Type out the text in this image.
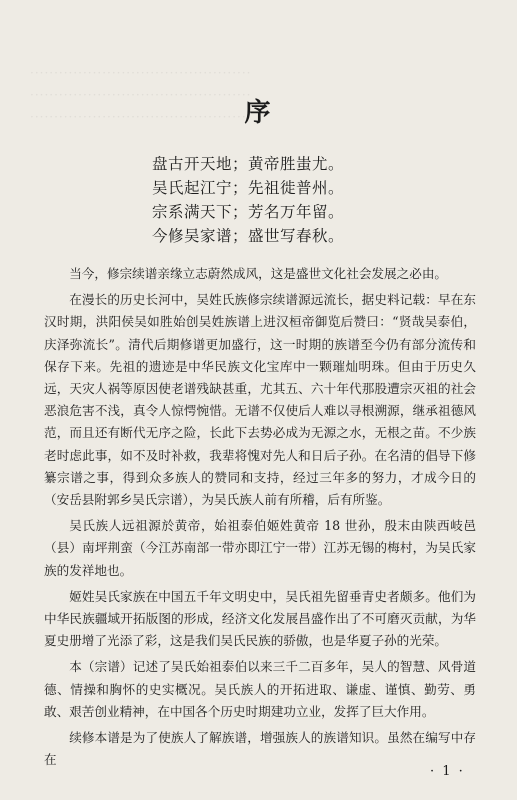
··············································
··············································
··············································
序
盘古开天地；黄帝胜蚩尤。
吴氏起江宁；先祖徙普州。
宗系满天下；芳名万年留。
今修吴家谱；盛世写春秋。

当今，修宗续谱亲缘立志蔚然成风，这是盛世文化社会发展之必由。

在漫长的历史长河中，吴姓氏族修宗续谱源远流长，据史料记载：早在东汉时期，洪阳侯吴如胜始创吴姓族谱上进汉桓帝御览后赞曰：“贤哉吴泰伯，庆泽弥流长”。清代后期修谱更加盛行，这一时期的族谱至今仍有部分流传和保存下来。先祖的遗迹是中华民族文化宝库中一颗璀灿明珠。但由于历史久远，天灾人祸等原因使老谱残缺甚重，尤其五、六十年代那股遭宗灭祖的社会恶浪危害不浅，真令人惊愕惋惜。无谱不仅使后人难以寻根溯源，继承祖德风范，而且还有断代无序之险，长此下去势必成为无源之水，无根之苗。不少族老时虑此事，如不及时补救，我辈将愧对先人和日后子孙。在名清的倡导下修纂宗谱之事，得到众多族人的赞同和支持，经过三年多的努力，才成今日的（安岳县附郭乡吴氏宗谱），为吴氏族人前有所稽，后有所鉴。

吴氏族人远祖源於黄帝，始祖泰伯姬姓黄帝 18 世孙，殷末由陕西岐邑（县）南坪荆蛮（今江苏南部一带亦即江宁一带）江苏无锡的梅村，为吴氏家族的发祥地也。

姬姓吴氏家族在中国五千年文明史中，吴氏祖先留垂青史者颇多。他们为中华民族疆域开拓版图的形成，经济文化发展昌盛作出了不可磨灭贡献，为华夏史册增了光添了彩，这是我们吴氏民族的骄傲，也是华夏子孙的光荣。

本（宗谱）记述了吴氏始祖泰伯以来三千二百多年，吴人的智慧、风骨道德、情操和胸怀的史实概况。吴氏族人的开拓进取、谦虚、谨慎、勤劳、勇敢、艰苦创业精神，在中国各个历史时期建功立业，发挥了巨大作用。

续修本谱是为了使族人了解族谱，增强族人的族谱知识。虽然在编写中存在

· 1 ·
